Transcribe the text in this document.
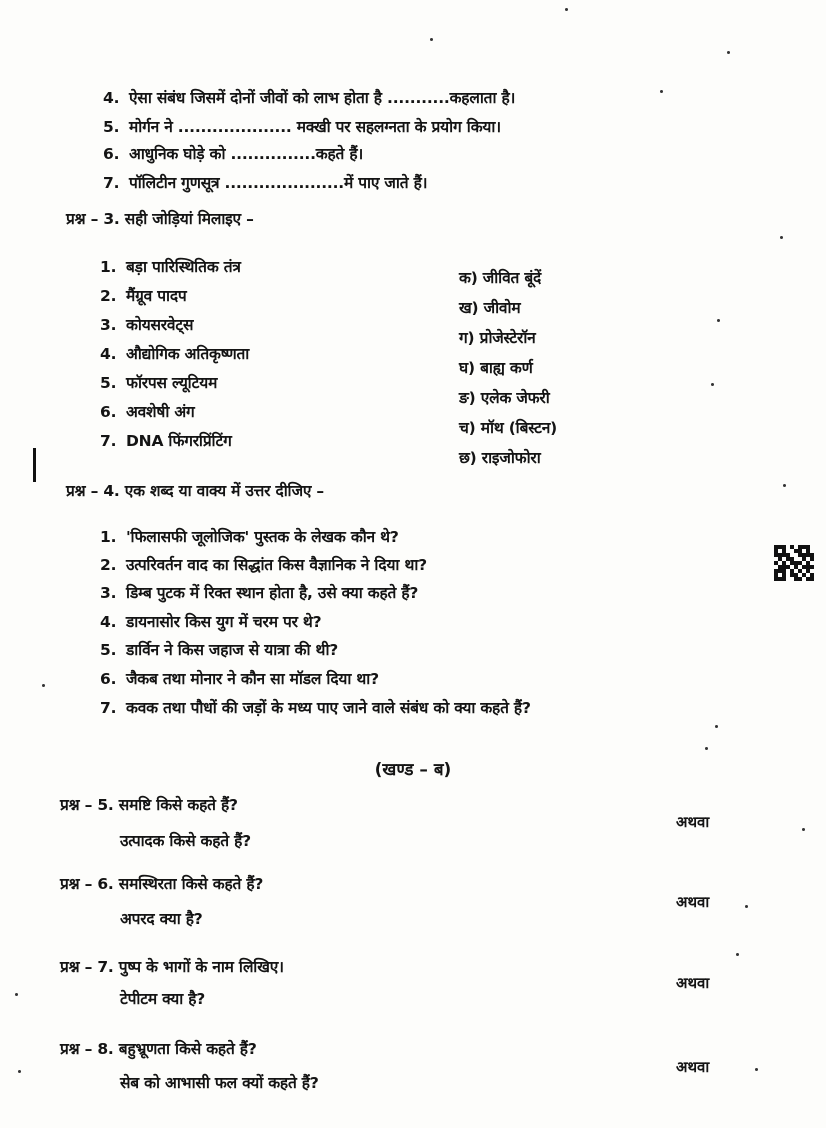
4. ऐसा संबंध जिसमें दोनों जीवों को लाभ होता है ...........कहलाता है।
5. मोर्गन ने .................... मक्खी पर सहलग्नता के प्रयोग किया।
6. आधुनिक घोड़े को ...............कहते हैं।
7. पॉलिटीन गुणसूत्र .....................में पाए जाते हैं।
प्रश्न – 3. सही जोड़ियां मिलाइए –
1. बड़ा पारिस्थितिक तंत्र
2. मैंग्रूव पादप
3. कोयसरवेट्स
4. औद्योगिक अतिकृष्णता
5. फॉरपस ल्यूटियम
6. अवशेषी अंग
7. DNA फिंगरप्रिंटिंग
क) जीवित बूंदें
ख) जीवोम
ग) प्रोजेस्टेरॉन
घ) बाह्य कर्ण
ङ) एलेक जेफरी
च) मॉथ (बिस्टन)
छ) राइजोफोरा
प्रश्न – 4. एक शब्द या वाक्य में उत्तर दीजिए –
1. 'फिलासफी जूलोजिक' पुस्तक के लेखक कौन थे?
2. उत्परिवर्तन वाद का सिद्धांत किस वैज्ञानिक ने दिया था?
3. डिम्ब पुटक में रिक्त स्थान होता है, उसे क्या कहते हैं?
4. डायनासोर किस युग में चरम पर थे?
5. डार्विन ने किस जहाज से यात्रा की थी?
6. जैकब तथा मोनार ने कौन सा मॉडल दिया था?
7. कवक तथा पौधों की जड़ों के मध्य पाए जाने वाले संबंध को क्या कहते हैं?
(खण्ड – ब)
प्रश्न – 5. समष्टि किसे कहते हैं?
अथवा
उत्पादक किसे कहते हैं?
प्रश्न – 6. समस्थिरता किसे कहते हैं?
अथवा
अपरद क्या है?
प्रश्न – 7. पुष्प के भागों के नाम लिखिए।
अथवा
टेपीटम क्या है?
प्रश्न – 8. बहुभ्रूणता किसे कहते हैं?
अथवा
सेब को आभासी फल क्यों कहते हैं?
